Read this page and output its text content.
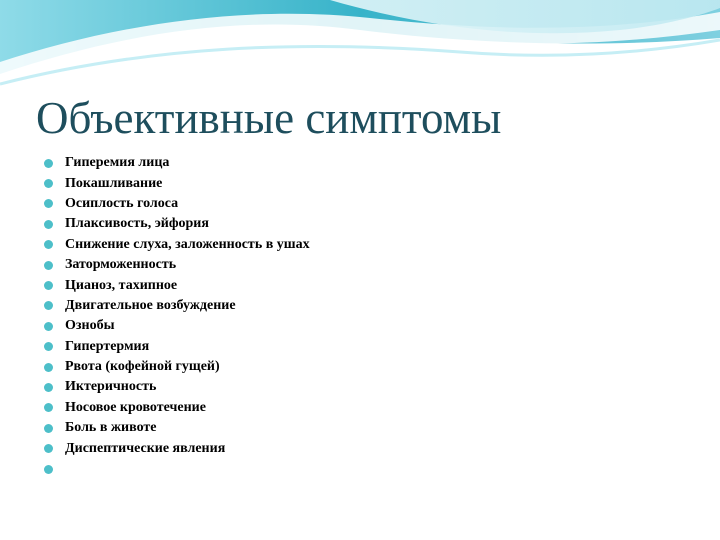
Объективные симптомы
Гиперемия лица
Покашливание
Осиплость голоса
Плаксивость, эйфория
Снижение слуха, заложенность в ушах
Заторможенность
Цианоз, тахипное
Двигательное возбуждение
Ознобы
Гипертермия
Рвота (кофейной гущей)
Иктеричность
Носовое кровотечение
Боль в животе
Диспептические явления
